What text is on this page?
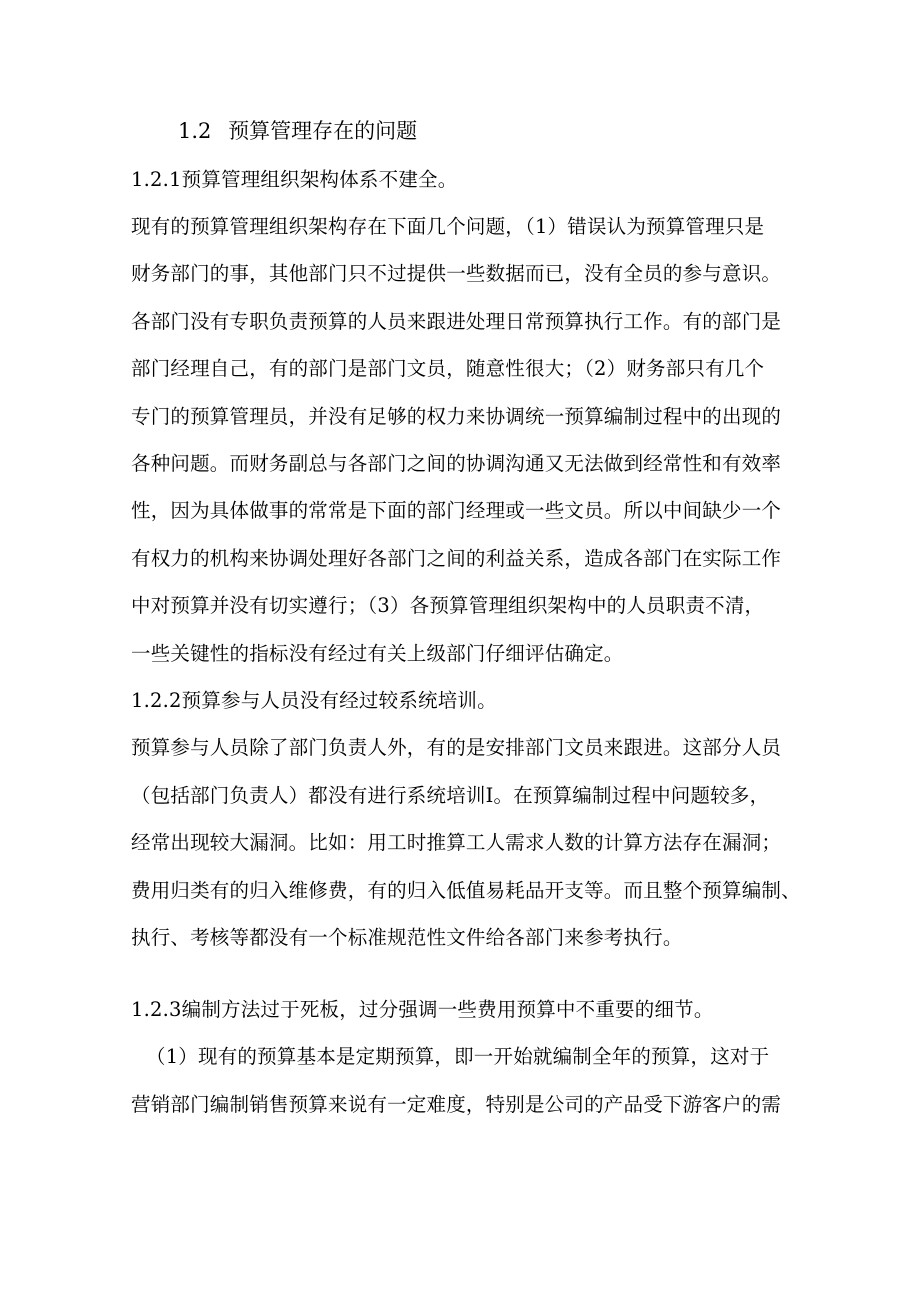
1.2 预算管理存在的问题
1.2.1预算管理组织架构体系不建全。
现有的预算管理组织架构存在下面几个问题，（1）错误认为预算管理只是
财务部门的事，其他部门只不过提供一些数据而已，没有全员的参与意识。
各部门没有专职负责预算的人员来跟进处理日常预算执行工作。有的部门是
部门经理自己，有的部门是部门文员，随意性很大；（2）财务部只有几个
专门的预算管理员，并没有足够的权力来协调统一预算编制过程中的出现的
各种问题。而财务副总与各部门之间的协调沟通又无法做到经常性和有效率
性，因为具体做事的常常是下面的部门经理或一些文员。所以中间缺少一个
有权力的机构来协调处理好各部门之间的利益关系，造成各部门在实际工作
中对预算并没有切实遵行；（3）各预算管理组织架构中的人员职责不清，
一些关键性的指标没有经过有关上级部门仔细评估确定。
1.2.2预算参与人员没有经过较系统培训。
预算参与人员除了部门负责人外，有的是安排部门文员来跟进。这部分人员
（包括部门负责人）都没有进行系统培训I。在预算编制过程中问题较多，
经常出现较大漏洞。比如：用工时推算工人需求人数的计算方法存在漏洞；
费用归类有的归入维修费，有的归入低值易耗品开支等。而且整个预算编制、
执行、考核等都没有一个标准规范性文件给各部门来参考执行。
1.2.3编制方法过于死板，过分强调一些费用预算中不重要的细节。
（1）现有的预算基本是定期预算，即一开始就编制全年的预算，这对于
营销部门编制销售预算来说有一定难度，特别是公司的产品受下游客户的需
